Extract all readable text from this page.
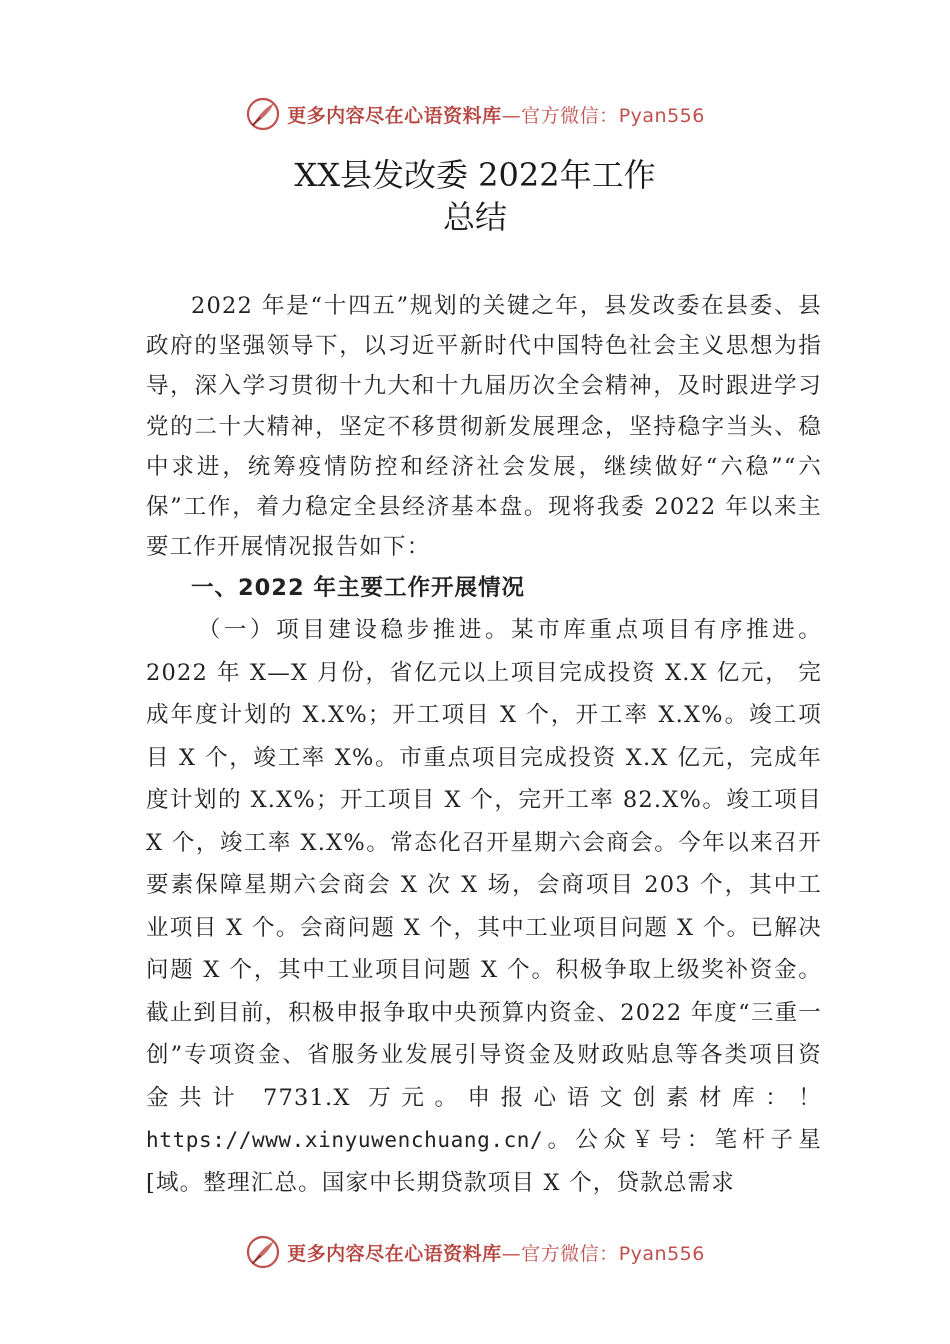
更多内容尽在心语资料库—官方微信：Pyan556
XX县发改委 2022年工作
总结

2022 年是“十四五”规划的关键之年，县发改委在县委、县政府的坚强领导下，以习近平新时代中国特色社会主义思想为指导，深入学习贯彻十九大和十九届历次全会精神，及时跟进学习党的二十大精神，坚定不移贯彻新发展理念，坚持稳字当头、稳中求进，统筹疫情防控和经济社会发展，继续做好“六稳”“六保”工作，着力稳定全县经济基本盘。现将我委 2022 年以来主要工作开展情况报告如下：

一、2022 年主要工作开展情况

（一）项目建设稳步推进。某市库重点项目有序推进。2022 年 X—X 月份，省亿元以上项目完成投资 X.X 亿元， 完成年度计划的 X.X%；开工项目 X 个，开工率 X.X%。竣工项目 X 个，竣工率 X%。市重点项目完成投资 X.X 亿元，完成年度计划的 X.X%；开工项目 X 个，完开工率 82.X%。竣工项目 X 个，竣工率 X.X%。常态化召开星期六会商会。今年以来召开要素保障星期六会商会 X 次 X 场，会商项目 203 个，其中工业项目 X 个。会商问题 X 个，其中工业项目问题 X 个。已解决问题 X 个，其中工业项目问题 X 个。积极争取上级奖补资金。截止到目前，积极申报争取中央预算内资金、2022 年度“三重一创”专项资金、省服务业发展引导资金及财政贴息等各类项目资金共计 7731.X 万元。申报心语文创素材库：！https://www.xinyuwenchuang.cn/。公众￥号：笔杆子星[域。整理汇总。国家中长期贷款项目 X 个，贷款总需求

更多内容尽在心语资料库—官方微信：Pyan556
